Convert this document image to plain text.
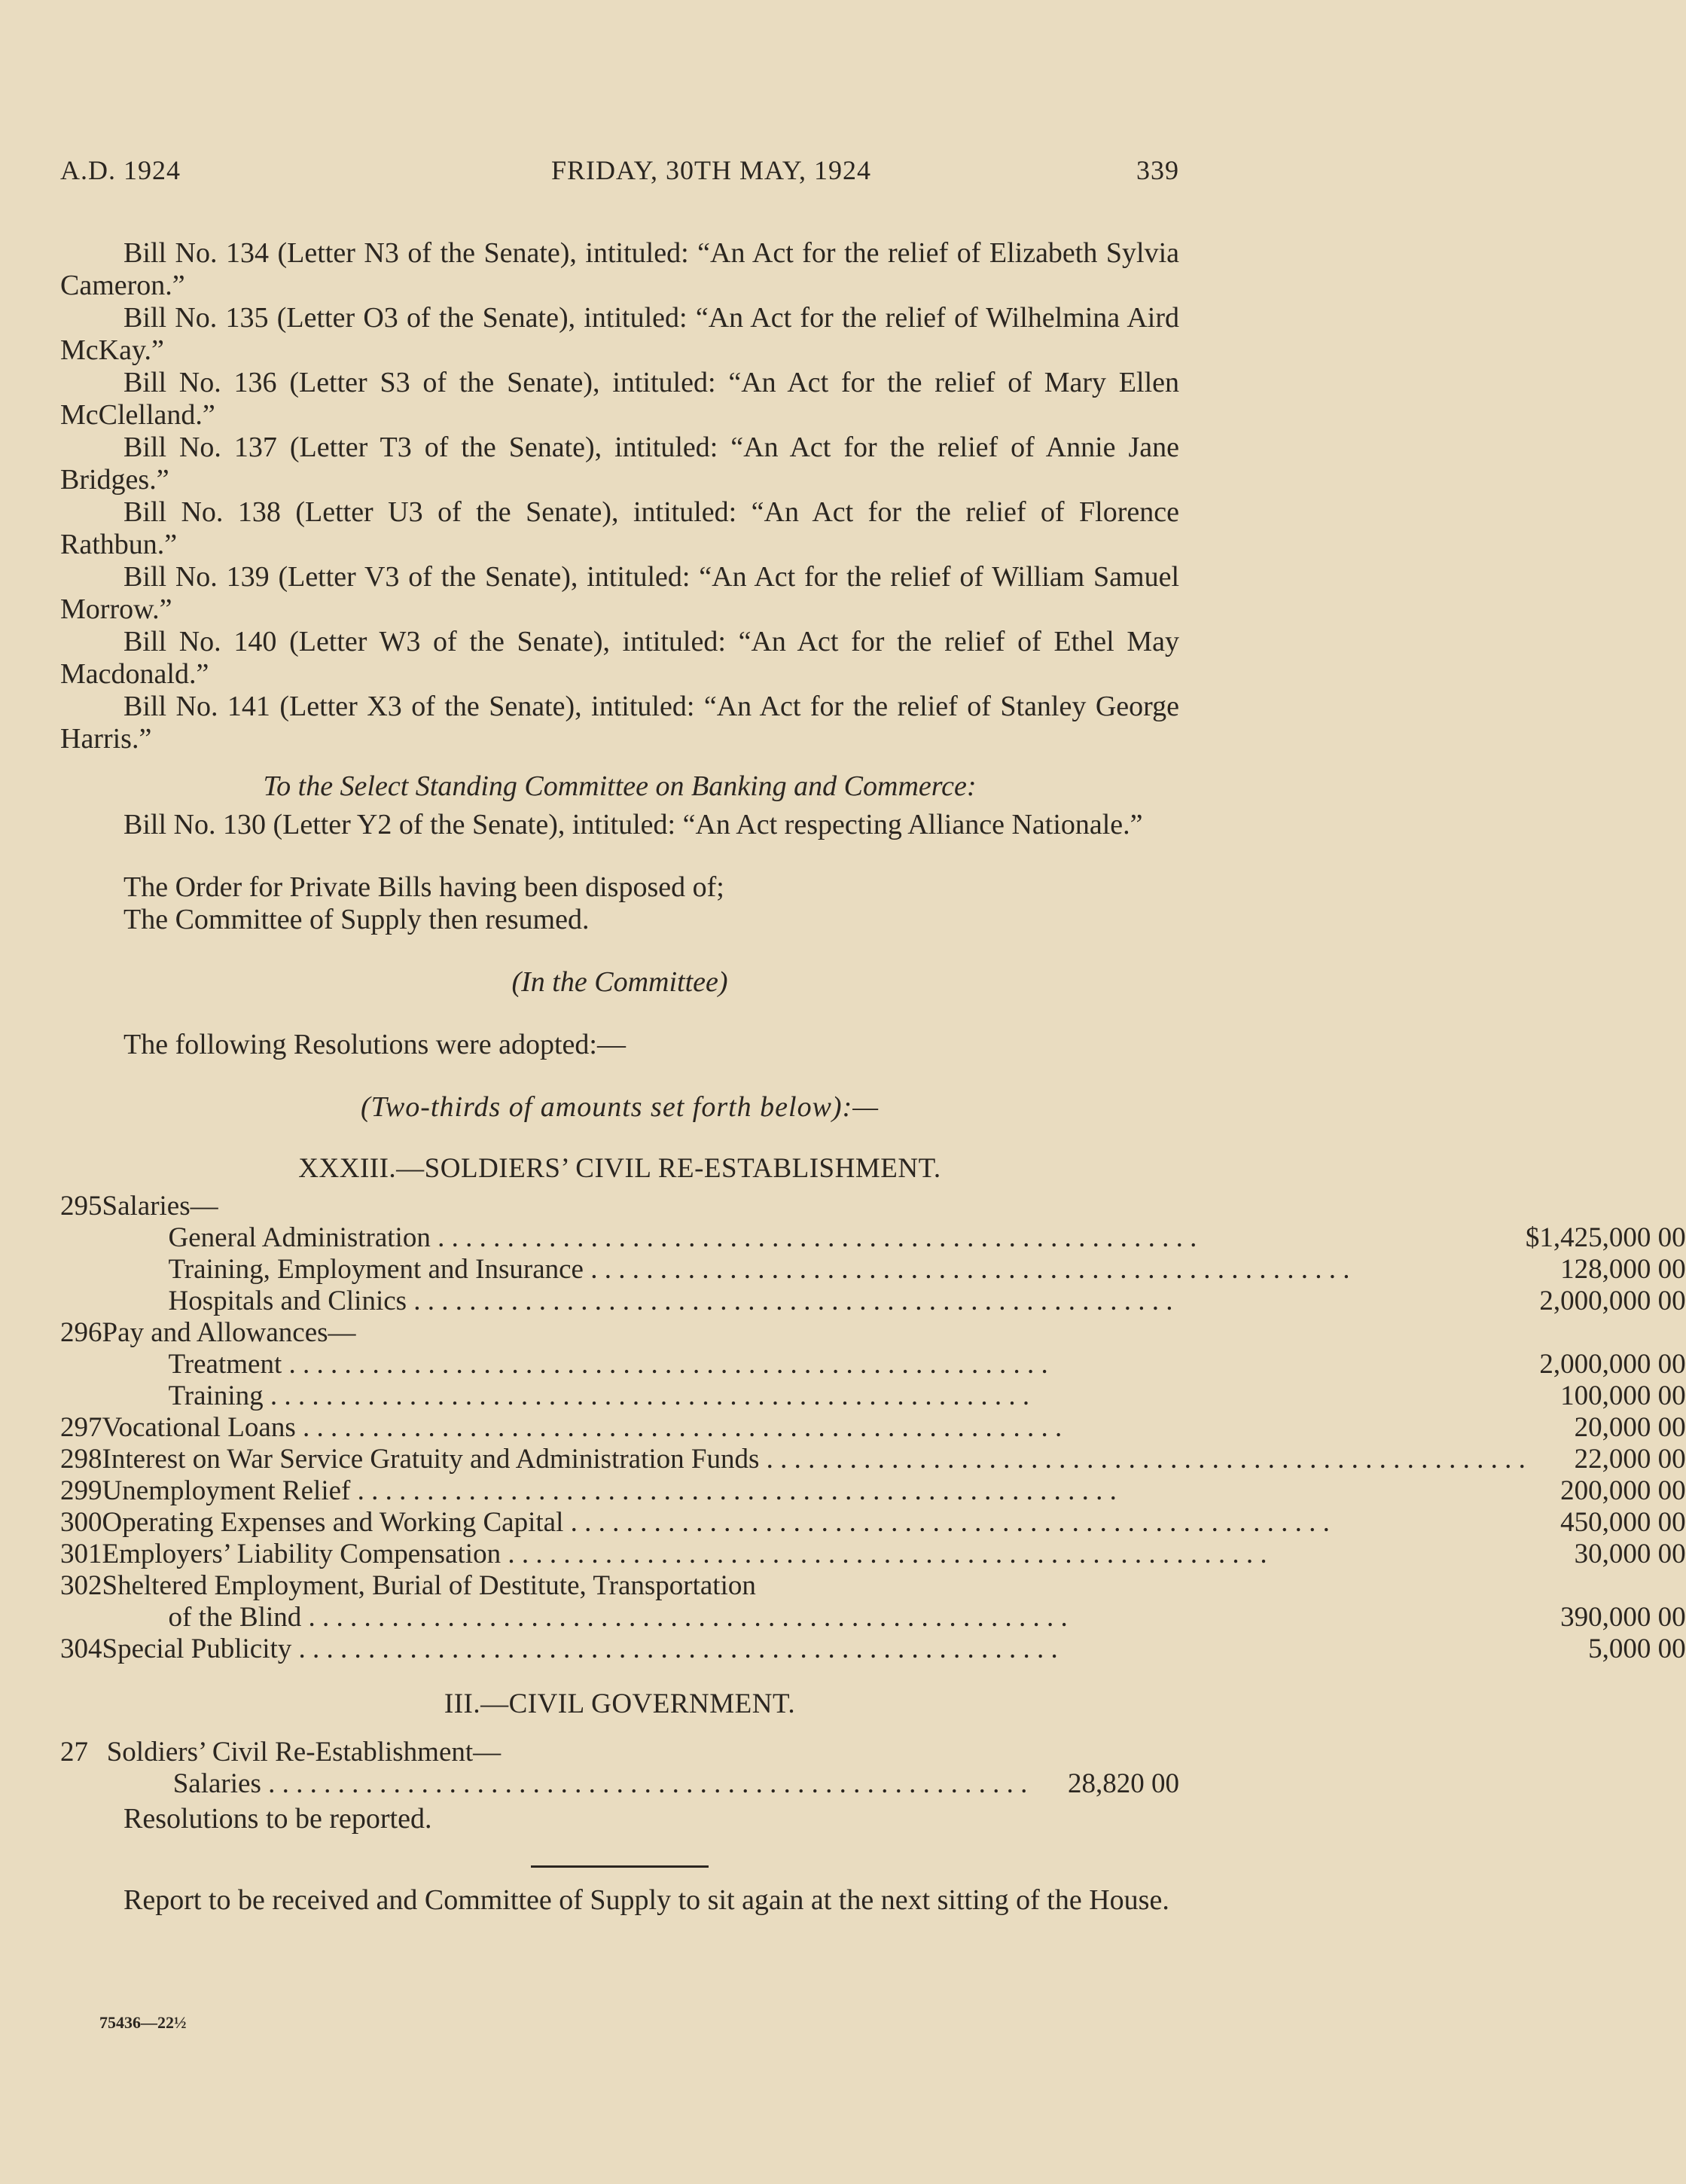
A.D. 1924	FRIDAY, 30TH MAY, 1924	339

Bill No. 134 (Letter N3 of the Senate), intituled: “An Act for the relief of Elizabeth Sylvia Cameron.”

Bill No. 135 (Letter O3 of the Senate), intituled: “An Act for the relief of Wilhelmina Aird McKay.”

Bill No. 136 (Letter S3 of the Senate), intituled: “An Act for the relief of Mary Ellen McClelland.”

Bill No. 137 (Letter T3 of the Senate), intituled: “An Act for the relief of Annie Jane Bridges.”

Bill No. 138 (Letter U3 of the Senate), intituled: “An Act for the relief of Florence Rathbun.”

Bill No. 139 (Letter V3 of the Senate), intituled: “An Act for the relief of William Samuel Morrow.”

Bill No. 140 (Letter W3 of the Senate), intituled: “An Act for the relief of Ethel May Macdonald.”

Bill No. 141 (Letter X3 of the Senate), intituled: “An Act for the relief of Stanley George Harris.”

To the Select Standing Committee on Banking and Commerce:

Bill No. 130 (Letter Y2 of the Senate), intituled: “An Act respecting Alliance Nationale.”

The Order for Private Bills having been disposed of;
The Committee of Supply then resumed.
(In the Committee)
The following Resolutions were adopted:—
(Two-thirds of amounts set forth below):—
XXXIII.—SOLDIERS’ CIVIL RE-ESTABLISHMENT.
295	Salaries—	
	General Administration . . .	$1,425,000 00
	Training, Employment and Insurance . . .	128,000 00
	Hospitals and Clinics . . .	2,000,000 00
296	Pay and Allowances—	
	Treatment . . .	2,000,000 00
	Training . . .	100,000 00
297	Vocational Loans . . .	20,000 00
298	Interest on War Service Gratuity and Administration Funds . . .	22,000 00
299	Unemployment Relief . . .	200,000 00
300	Operating Expenses and Working Capital . . .	450,000 00
301	Employers’ Liability Compensation . . .	30,000 00
302	Sheltered Employment, Burial of Destitute, Transportation	
	of the Blind . . .	390,000 00
304	Special Publicity . . .	5,000 00
III.—CIVIL GOVERNMENT.
27	Soldiers’ Civil Re-Establishment—	
	Salaries . . .	28,820 00
Resolutions to be reported.

Report to be received and Committee of Supply to sit again at the next sitting of the House.

75436—22½
